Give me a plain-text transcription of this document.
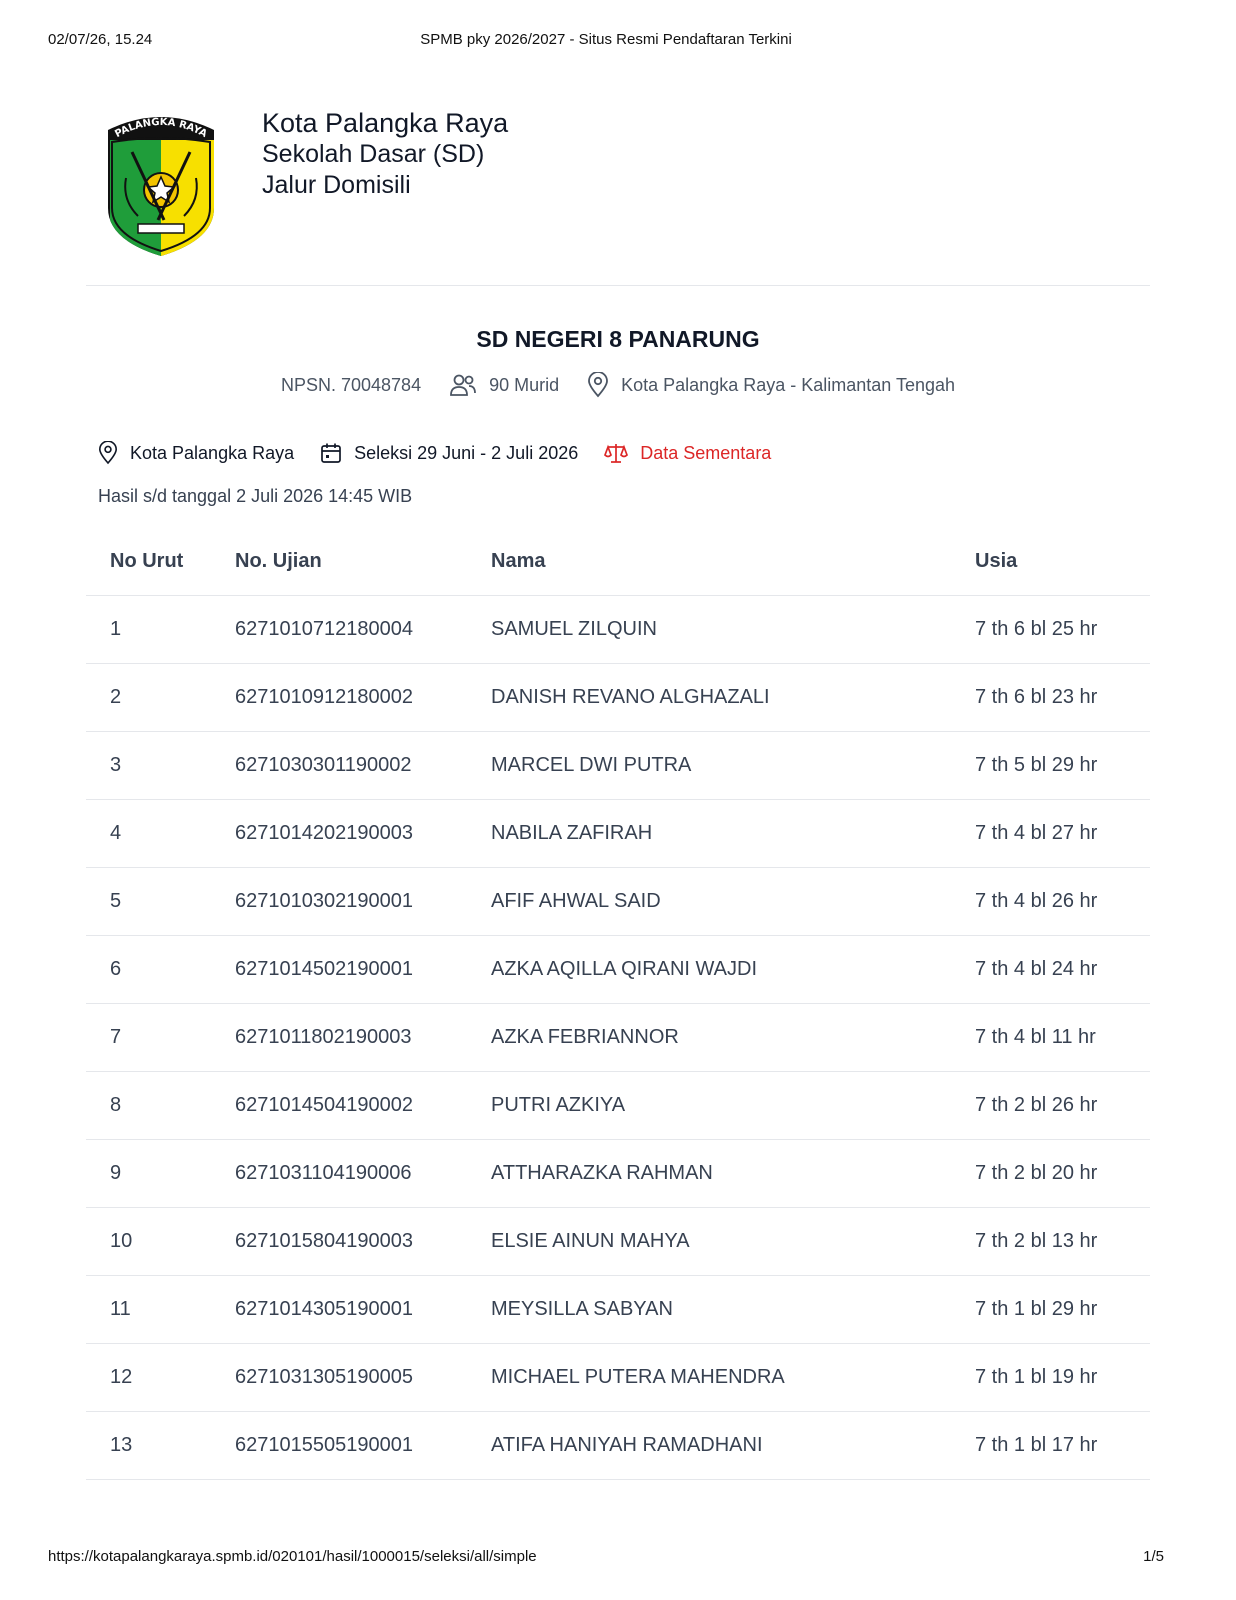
02/07/26, 15.24	SPMB pky 2026/2027 - Situs Resmi Pendaftaran Terkini
PALANGKA RAYA Kota Palangka Raya
Sekolah Dasar (SD)
Jalur Domisili
SD NEGERI 8 PANARUNG
NPSN. 70048784	90 Murid	Kota Palangka Raya - Kalimantan Tengah
Kota Palangka Raya	Seleksi 29 Juni - 2 Juli 2026	Data Sementara
Hasil s/d tanggal 2 Juli 2026 14:45 WIB
No Urut	No. Ujian	Nama	Usia
1	6271010712180004	SAMUEL ZILQUIN	7 th 6 bl 25 hr
2	6271010912180002	DANISH REVANO ALGHAZALI	7 th 6 bl 23 hr
3	6271030301190002	MARCEL DWI PUTRA	7 th 5 bl 29 hr
4	6271014202190003	NABILA ZAFIRAH	7 th 4 bl 27 hr
5	6271010302190001	AFIF AHWAL SAID	7 th 4 bl 26 hr
6	6271014502190001	AZKA AQILLA QIRANI WAJDI	7 th 4 bl 24 hr
7	6271011802190003	AZKA FEBRIANNOR	7 th 4 bl 11 hr
8	6271014504190002	PUTRI AZKIYA	7 th 2 bl 26 hr
9	6271031104190006	ATTHARAZKA RAHMAN	7 th 2 bl 20 hr
10	6271015804190003	ELSIE AINUN MAHYA	7 th 2 bl 13 hr
11	6271014305190001	MEYSILLA SABYAN	7 th 1 bl 29 hr
12	6271031305190005	MICHAEL PUTERA MAHENDRA	7 th 1 bl 19 hr
13	6271015505190001	ATIFA HANIYAH RAMADHANI	7 th 1 bl 17 hr
https://kotapalangkaraya.spmb.id/020101/hasil/1000015/seleksi/all/simple	1/5
